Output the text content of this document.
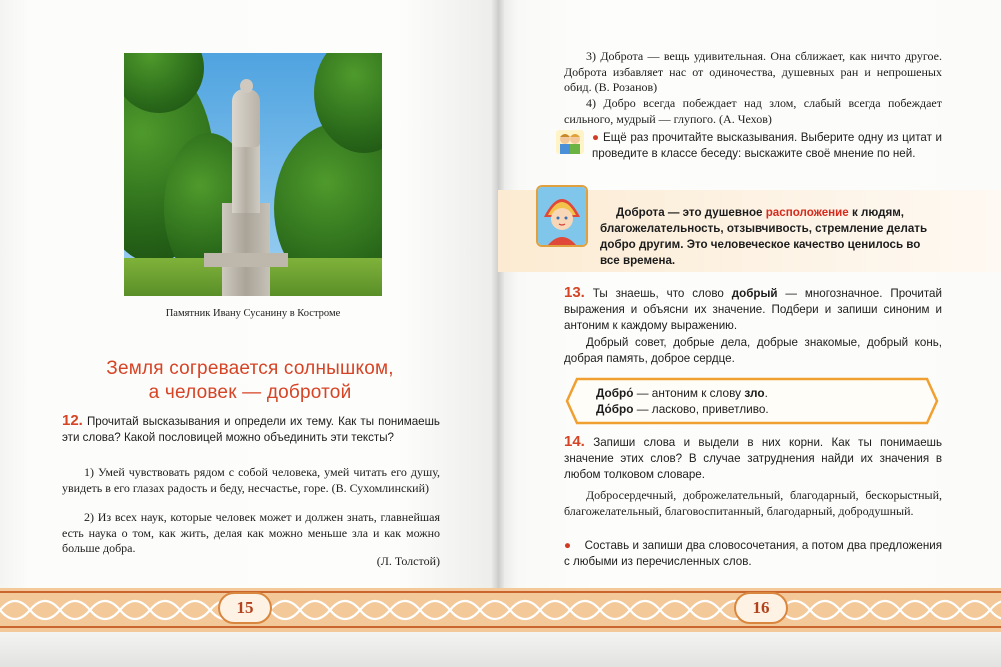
Памятник Ивану Сусанину в Костроме
Земля согревается солнышком,
а человек — добротой
12. Прочитай высказывания и определи их тему. Как ты понимаешь эти слова? Какой пословицей можно объединить эти тексты?
1) Умей чувствовать рядом с собой человека, умей читать его душу, увидеть в его глазах радость и беду, несчастье, горе. (В. Сухомлинский)
2) Из всех наук, которые человек может и должен знать, главнейшая есть наука о том, как жить, делая как можно меньше зла и как можно больше добра.
(Л. Толстой)
3) Доброта — вещь удивительная. Она сближает, как ничто другое. Доброта избавляет нас от одиночества, душевных ран и непрошеных обид. (В. Розанов)
4) Добро всегда побеждает над злом, слабый всегда побеждает сильного, мудрый — глупого. (А. Чехов)
● Ещё раз прочитайте высказывания. Выберите одну из цитат и проведите в классе беседу: выскажите своё мнение по ней.
Доброта — это душевное расположение к людям, благожелательность, отзывчивость, стремление делать добро другим. Это человеческое качество ценилось во все времена.
13. Ты знаешь, что слово добрый — многозначное. Прочитай выражения и объясни их значение. Подбери и запиши синоним и антоним к каждому выражению.
Добрый совет, добрые дела, добрые знакомые, добрый конь, добрая память, доброе сердце.
Добро́ — антоним к слову зло.
До́бро — ласково, приветливо.
14. Запиши слова и выдели в них корни. Как ты понимаешь значение этих слов? В случае затруднения найди их значения в любом толковом словаре.
Добросердечный, доброжелательный, благодарный, бескорыстный, благожелательный, благовоспитанный, благодарный, добродушный.
● Составь и запиши два словосочетания, а потом два предложения с любыми из перечисленных слов.
15	16
